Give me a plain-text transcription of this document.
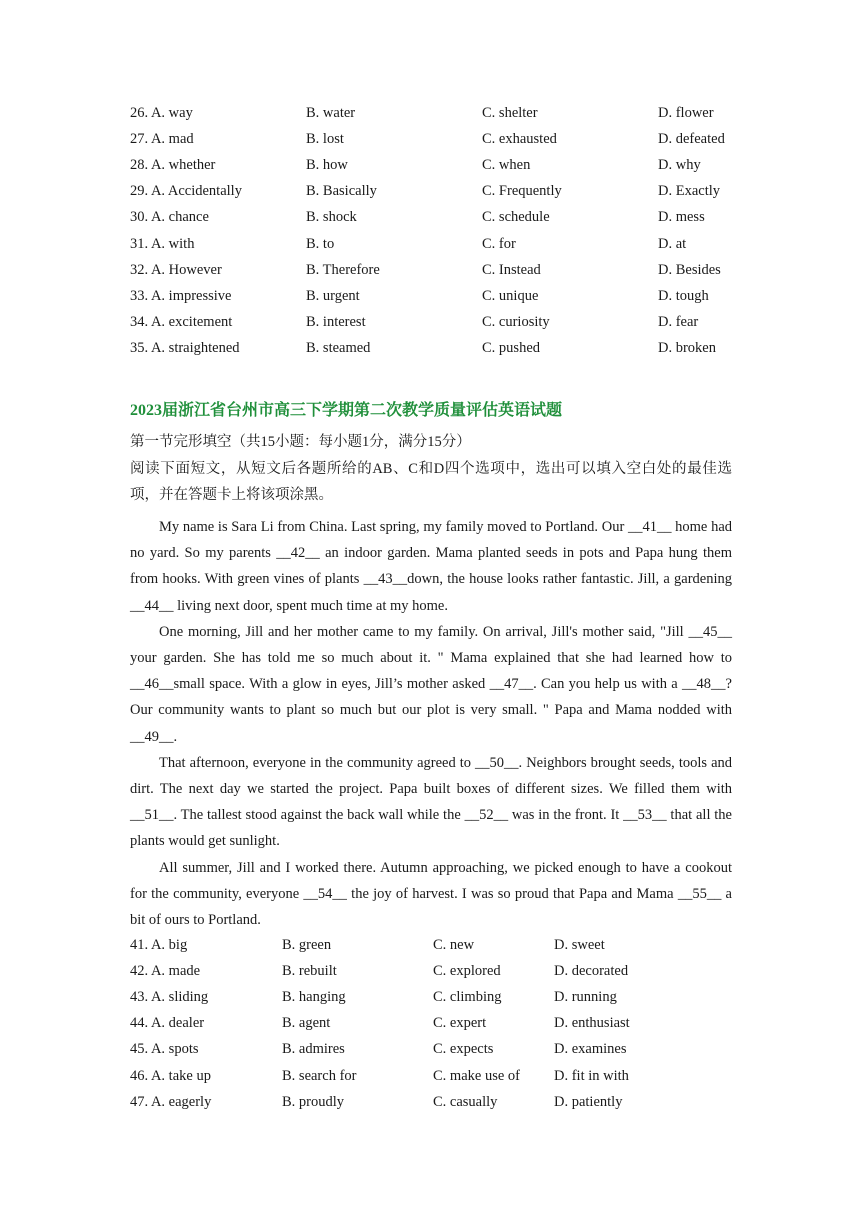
26. A. way	B. water	C. shelter	D. flower
27. A. mad	B. lost	C. exhausted	D. defeated
28. A. whether	B. how	C. when	D. why
29. A. Accidentally	B. Basically	C. Frequently	D. Exactly
30. A. chance	B. shock	C. schedule	D. mess
31. A. with	B. to	C. for	D. at
32. A. However	B. Therefore	C. Instead	D. Besides
33. A. impressive	B. urgent	C. unique	D. tough
34. A. excitement	B. interest	C. curiosity	D. fear
35. A. straightened	B. steamed	C. pushed	D. broken
2023届浙江省台州市高三下学期第二次教学质量评估英语试题
第一节完形填空（共15小题：每小题1分，满分15分）
阅读下面短文，从短文后各题所给的AB、C和D四个选项中，选出可以填入空白处的最佳选项，并在答题卡上将该项涂黑。

My name is Sara Li from China. Last spring, my family moved to Portland. Our __41__ home had no yard. So my parents __42__ an indoor garden. Mama planted seeds in pots and Papa hung them from hooks. With green vines of plants __43__down, the house looks rather fantastic. Jill, a gardening __44__ living next door, spent much time at my home.

One morning, Jill and her mother came to my family. On arrival, Jill's mother said, "Jill __45__ your garden. She has told me so much about it. " Mama explained that she had learned how to __46__small space. With a glow in eyes, Jill’s mother asked __47__. Can you help us with a __48__? Our community wants to plant so much but our plot is very small. " Papa and Mama nodded with __49__.

That afternoon, everyone in the community agreed to __50__. Neighbors brought seeds, tools and dirt. The next day we started the project. Papa built boxes of different sizes. We filled them with __51__. The tallest stood against the back wall while the __52__ was in the front. It __53__ that all the plants would get sunlight.

All summer, Jill and I worked there. Autumn approaching, we picked enough to have a cookout for the community, everyone __54__ the joy of harvest. I was so proud that Papa and Mama __55__ a bit of ours to Portland.

41. A. big	B. green	C. new	D. sweet
42. A. made	B. rebuilt	C. explored	D. decorated
43. A. sliding	B. hanging	C. climbing	D. running
44. A. dealer	B. agent	C. expert	D. enthusiast
45. A. spots	B. admires	C. expects	D. examines
46. A. take up	B. search for	C. make use of	D. fit in with
47. A. eagerly	B. proudly	C. casually	D. patiently
